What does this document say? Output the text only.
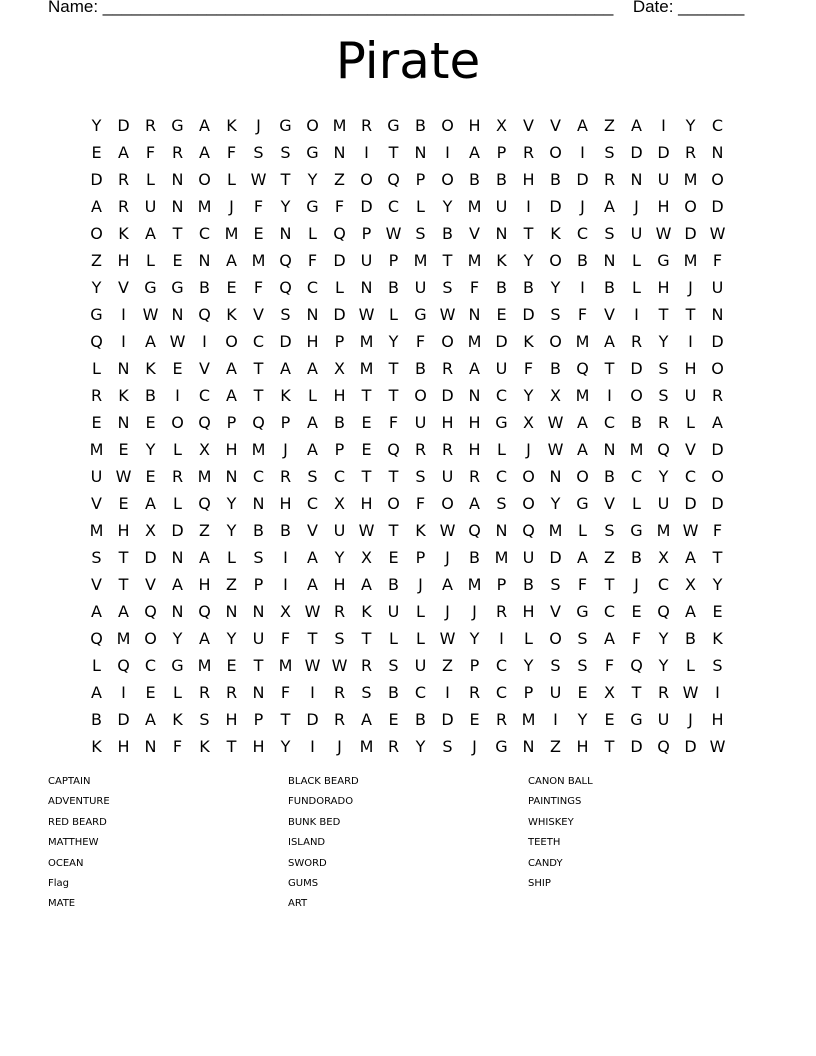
Name: ______________________________________________________ Date: _______
Pirate
Y D R G A	K	J	G O M R G B O H X	V	V	A	Z	A	I	Y	C
E	A	F	R A	F	S	S G N	I	T	N	I	A	P	R O	I	S D D R N
D R	L	N O	L W T	Y	Z O Q P O B	B H B D R N U M O
A R U N M	J	F	Y G	F	D C	L	Y M U	I	D	J	A	J	H O D
O K	A	T	C M E N	L	Q P W S	B	V N	T	K	C	S	U W D W
Z H	L	E N A M Q	F	D U	P M T M K	Y O B N	L	G M F
Y	V G G B	E	F	Q C	L	N B U	S	F	B	B	Y	I	B	L	H	J	U
G	I	W N Q K	V	S N D W L	G W N E D S	F	V	I	T	T	N
Q	I	A W	I	O C D H	P M Y	F	O M D K O M A R	Y	I	D
L	N K	E	V	A	T	A	A	X M T	B R A U	F	B Q T D S H O
R	K	B	I	C A	T	K	L	H	T	T O D N C	Y	X M	I	O S	U R
E N E O Q P Q P	A	B	E	F	U H H G X W A C B R	L	A
M E	Y	L	X H M	J	A	P	E Q R R H	L	J	W A N M Q V D
U W E	R M N C R	S	C	T	T	S	U R C O N O B C	Y	C O
V	E	A	L	Q Y	N H C X H O	F	O A	S O Y G V	L	U D D
M H X D Z	Y	B	B	V U W T	K W Q N Q M L	S G M W F
S	T D N A	L	S	I	A	Y	X	E	P	J	B M U D A	Z	B	X	A	T
V	T	V	A H Z	P	I	A H A	B	J	A M P	B	S	F	T	J	C X	Y
A	A Q N Q N N X W R	K U	L	J	J	R H V G C	E Q A	E
Q M O Y	A	Y	U	F	T	S	T	L	L W Y	I	L	O S	A	F	Y	B	K
L	Q C G M E	T M W W R	S	U Z	P	C	Y	S	S	F	Q Y	L	S
A	I	E	L	R R N	F	I	R	S	B C	I	R C	P	U	E	X	T	R W	I
B D A	K	S H	P	T D R A	E	B D E	R M	I	Y	E G U	J	H
K H N	F	K	T	H	Y	I	J	M R	Y	S	J	G N Z H	T D Q D W
CAPTAIN	BLACK BEARD	CANON BALL
ADVENTURE	FUNDORADO	PAINTINGS
RED BEARD	BUNK BED	WHISKEY
MATTHEW	ISLAND	TEETH
OCEAN	SWORD	CANDY
Flag	GUMS	SHIP
MATE	ART
